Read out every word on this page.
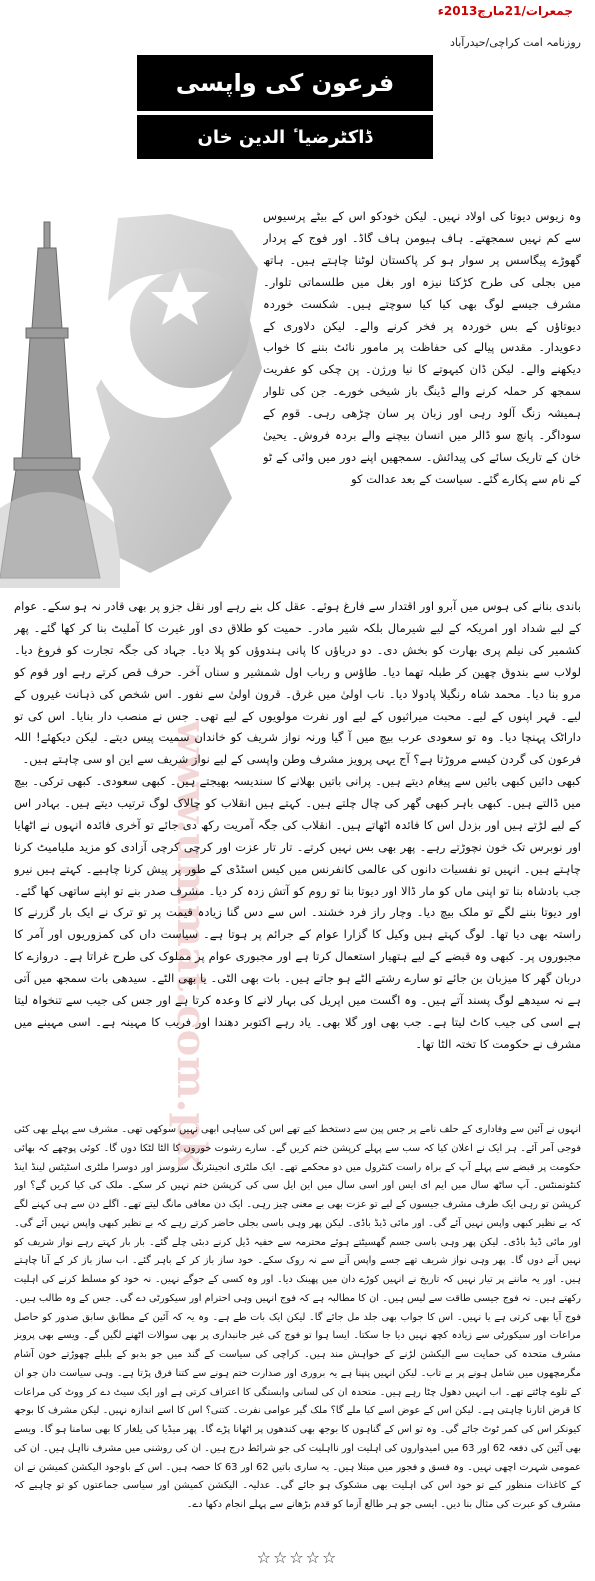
جمعرات/21مارچ2013ء
روزنامہ امت کراچی/حیدرآباد
فرعون کی واپسی
ڈاکٹرضیا ٔ الدین خان
www.ummat.com.pk

وہ زیوس دیوتا کی اولاد نہیں۔ لیکن خودکو اس کے بیٹے پرسیوس سے کم نہیں سمجھتے۔ ہاف ہیومن ہاف گاڈ۔ اور فوج کے پردار گھوڑے پیگاسس پر سوار ہو کر پاکستان لوٹنا چاہتے ہیں۔ ہاتھ میں بجلی کی طرح کڑکتا نیزہ اور بغل میں طلسماتی تلوار۔ مشرف جیسے لوگ بھی کیا کیا سوچتے ہیں۔ شکست خوردہ دیوتاؤں کے بس خوردہ پر فخر کرنے والے۔ لیکن دلاوری کے دعویدار۔ مقدس پیالے کی حفاظت پر مامور نائٹ بننے کا خواب دیکھنے والے۔ لیکن ڈان کیہوتے کا نیا ورژن۔ پن چکی کو عفریت سمجھ کر حملہ کرنے والے ڈینگ باز شیخی خورے۔ جن کی تلوار ہمیشہ زنگ آلود رہی اور زبان پر سان چڑھی رہی۔ قوم کے سوداگر۔ پانچ سو ڈالر میں انسان بیچنے والے بردہ فروش۔ یحییٰ خان کے تاریک سائے کی پیدائش۔ سمجھیں اپنے دور میں وائی کے ٹو کے نام سے پکارے گئے۔ سیاست کے بعد عدالت کو

باندی بنانے کی ہوس میں آبرو اور اقتدار سے فارغ ہوئے۔ عقل کل بنے رہے اور نقل جزو پر بھی قادر نہ ہو سکے۔ عوام کے لیے شداد اور امریکہ کے لیے شیرمال بلکہ شیر مادر۔ حمیت کو طلاق دی اور غیرت کا آملیٹ بنا کر کھا گئے۔ پھر کشمیر کی نیلم پری بھارت کو بخش دی۔ دو دریاؤں کا پانی ہندوؤں کو پلا دیا۔ جہاد کی جگہ تجارت کو فروغ دیا۔ لولاب سے بندوق چھین کر طبلہ تھما دیا۔ طاؤس و رباب اول شمشیر و سناں آخر۔ حرف قص کرتے رہے اور قوم کو مرو بنا دیا۔ محمد شاہ رنگیلا پادولا دیا۔ ناب اولیٰ میں غرق۔ قرون اولیٰ سے نفور۔ اس شخص کی ذہانت غیروں کے لیے۔ قہر اپنوں کے لیے۔ محبت میراثیوں کے لیے اور نفرت مولویوں کے لیے تھی۔ جس نے منصب دار بنایا۔ اس کی تو داراٹک پہنچا دیا۔ وہ تو سعودی عرب بیچ میں آ گیا ورنہ نواز شریف کو خاندان سمیت پیس دیتے۔ لیکن دیکھئے! اللہ فرعون کی گردن کیسے مروڑتا ہے؟ آج یہی پرویز مشرف وطن واپسی کے لیے نواز شریف سے این او سی چاہتے ہیں۔

کبھی دائیں کبھی بائیں سے پیغام دیتے ہیں۔ پرانی باتیں بھلانے کا سندیسہ بھیجتے ہیں۔ کبھی سعودی۔ کبھی ترکی۔ بیچ میں ڈالتے ہیں۔ کبھی باہر کبھی گھر کی چال چلتے ہیں۔ کہتے ہیں انقلاب کو چالاک لوگ ترتیب دیتے ہیں۔ بہادر اس کے لیے لڑتے ہیں اور بزدل اس کا فائدہ اٹھاتے ہیں۔ انقلاب کی جگہ آمریت رکھ دی جائے تو آخری فائدہ انہوں نے اٹھایا اور نوبرس تک خون نچوڑتے رہے۔ پھر بھی بس نہیں کرتے۔ تار تار عزت اور کرچی کرچی آزادی کو مزید ملیامیٹ کرنا چاہتے ہیں۔ انہیں تو نفسیات دانوں کی عالمی کانفرنس میں کیس اسٹڈی کے طور پر پیش کرنا چاہیے۔ کہتے ہیں نیرو جب بادشاہ بنا تو اپنی ماں کو مار ڈالا اور دیوتا بنا تو روم کو آتش زدہ کر دیا۔ مشرف صدر بنے تو اپنے ساتھی کھا گئے۔ اور دیوتا بننے لگے تو ملک بیچ دیا۔ وچار راز فرد خشند۔ اس سے دس گنا زیادہ قیمت پر تو ترک نے ایک بار گزرنے کا راستہ بھی دیا تھا۔ لوگ کہتے ہیں وکیل کا گزارا عوام کے جرائم پر ہوتا ہے۔ سیاست داں کی کمزوریوں اور آمر کا مجبوروں پر۔ کبھی وہ قبضے کے لیے ہتھیار استعمال کرتا ہے اور مجبوری عوام پر مملوک کی طرح غراتا ہے۔ دروازے کا دربان گھر کا میزبان بن جائے تو سارے رشتے الٹے ہو جاتے ہیں۔ بات بھی الٹی۔ یا بھی الٹے۔ سیدھی بات سمجھ میں آتی ہے نہ سیدھے لوگ پسند آتے ہیں۔ وہ اگست میں اپریل کی بہار لانے کا وعدہ کرتا ہے اور جس کی جیب سے تنخواہ لیتا ہے اسی کی جیب کاٹ لیتا ہے۔ جب بھی اور گلا بھی۔ یاد رہے اکتوبر دھندا اور فریب کا مہینہ ہے۔ اسی مہینے میں مشرف نے حکومت کا تختہ الٹا تھا۔

انہوں نے آئین سے وفاداری کے حلف نامے پر جس پین سے دستخط کیے تھے اس کی سیاہی ابھی نہیں سوکھی تھی۔ مشرف سے پہلے بھی کئی فوجی آمر آئے۔ ہر ایک نے اعلان کیا کہ سب سے پہلے کرپشن ختم کریں گے۔ سارے رشوت خوروں کا الٹا لٹکا دوں گا۔ کوئی پوچھے کہ بھائی حکومت پر قبضے سے پہلے آپ کے براہ راست کنٹرول میں دو محکمے تھے۔ ایک ملٹری انجینئرنگ سروسز اور دوسرا ملٹری اسٹیٹس لینڈ اینڈ کنٹونمنٹس۔ آپ ساٹھ سال میں ایم ای ایس اور اسی سال میں این ایل سی کی کرپشن ختم نہیں کر سکے۔ ملک کی کیا کریں گے؟ اور کرپشن تو رہی ایک طرف مشرف جیسوں کے لیے تو عزت بھی بے معنی چیز رہی۔ ایک دن معافی مانگ لیتے تھے۔ اگلے دن سے ہی کہنے لگے کہ بے نظیر کبھی واپس نہیں آئے گی۔ اور مائی ڈیڈ باڈی۔ لیکن پھر وہی باسی بجلی حاضر کرتے رہے کہ بے نظیر کبھی واپس نہیں آئے گی۔ اور مائی ڈیڈ باڈی۔ لیکن پھر وہی باسی جسم گھسیٹتے ہوئے محترمہ سے خفیہ ڈیل کرنے دبئی چلے گئے۔ بار بار کہتے رہے نواز شریف کو نہیں آنے دوں گا۔ پھر وہی نواز شریف تھے جسے واپس آنے سے نہ روک سکے۔ خود ساز باز کر کے باہر گئے۔ اب ساز باز کر کے آنا چاہتے ہیں۔ اور یہ ماننے پر تیار نہیں کہ تاریخ نے انہیں کوڑے دان میں پھینک دیا۔ اور وہ کسی کے جوگے نہیں۔ نہ خود کو مسلط کرنے کی اہلیت رکھتے ہیں۔ نہ فوج جیسی طاقت سے لیس ہیں۔ ان کا مطالبہ ہے کہ فوج انہیں وہی احترام اور سیکورٹی دے گی۔ جس کے وہ طالب ہیں۔ فوج آیا بھی کرتی ہے یا نہیں۔ اس کا جواب بھی جلد مل جائے گا۔ لیکن ایک بات طے ہے۔ وہ یہ کہ آئین کے مطابق سابق صدور کو حاصل مراعات اور سیکورٹی سے زیادہ کچھ نہیں دیا جا سکتا۔ ایسا ہوا تو فوج کی غیر جانبداری پر بھی سوالات اٹھنے لگیں گے۔ ویسے بھی پرویز مشرف متحدہ کی حمایت سے الیکشن لڑنے کے خواہش مند ہیں۔ کراچی کی سیاست کے گند میں جو بدبو کے بلبلے چھوڑتے خون آشام مگرمچھوں میں شامل ہونے پر بے تاب۔ لیکن انہیں پنپنا ہے یہ بروری اور صدارت ختم ہونے سے کتنا فرق پڑتا ہے۔ وہی سیاست دان جو ان کے تلوے چاٹتے تھے۔ اب انہیں دھول چٹا رہے ہیں۔ متحدہ ان کی لسانی وابستگی کا اعتراف کرتی ہے اور ایک سیٹ دے کر ووٹ کی مراعات کا قرض اتارنا چاہتی ہے۔ لیکن اس کے عوض اسے کیا ملے گا؟ ملک گیر عوامی نفرت۔ کتنی؟ اس کا اسے اندازہ نہیں۔ لیکن مشرف کا بوجھ کیونکر اس کی کمر ٹوٹ جائے گی۔ وہ تو اس کے گناہوں کا بوجھ بھی کندھوں پر اٹھانا پڑے گا۔ پھر میڈیا کی یلغار کا بھی سامنا ہو گا۔ ویسے بھی آئین کی دفعہ 62 اور 63 میں امیدواروں کی اہلیت اور نااہلیت کی جو شرائط درج ہیں۔ ان کی روشنی میں مشرف نااہل ہیں۔ ان کی عمومی شہرت اچھی نہیں۔ وہ فسق و فجور میں مبتلا ہیں۔ یہ ساری باتیں 62 اور 63 کا حصہ ہیں۔ اس کے باوجود الیکشن کمیشن نے ان کے کاغذات منظور کیے تو خود اس کی اہلیت بھی مشکوک ہو جائے گی۔ عدلیہ۔ الیکشن کمیشن اور سیاسی جماعتوں کو تو چاہیے کہ مشرف کو عبرت کی مثال بنا دیں۔ ایسی جو ہر طالع آزما کو قدم بڑھانے سے پہلے انجام دکھا دے۔

☆☆☆☆☆
